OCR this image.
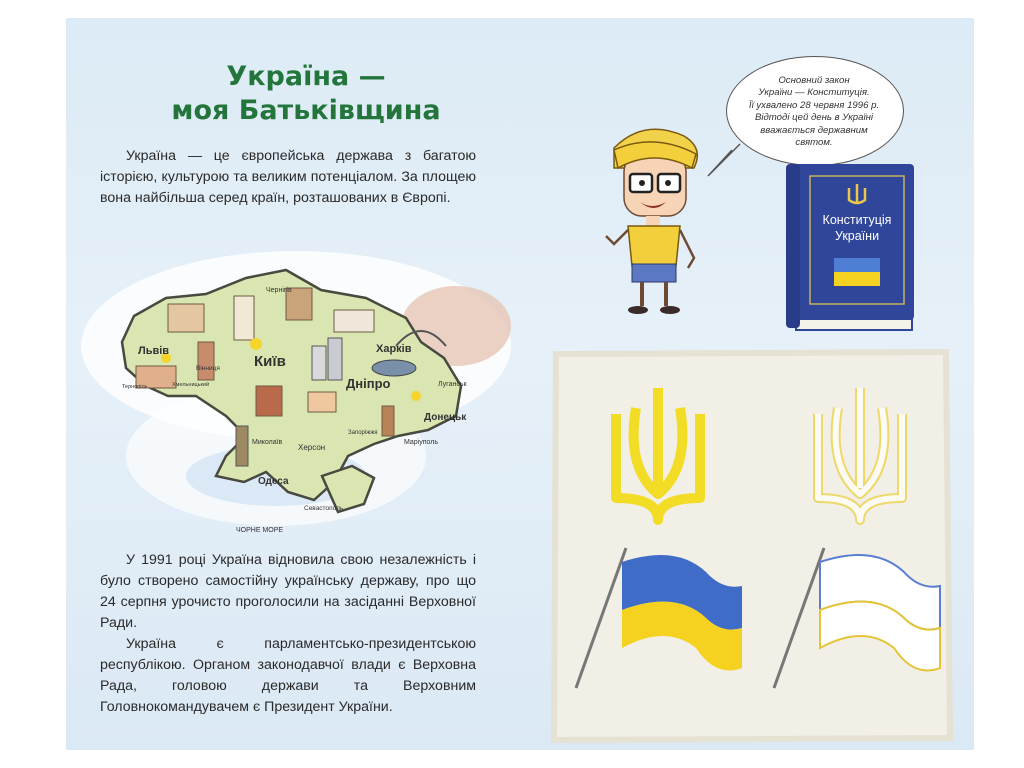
Україна —
моя Батьківщина

Україна — це європейська держава з багатою історією, культурою та великим потенціалом. За площею вона найбільша серед країн, розташованих в Європі.

Чернігів
Львів
Вінниця Київ
Харків
Дніпро	Луганськ
Донецьк
Запоріжжя
Маріуполь
Миколаїв
Херсон
Одеса
Севастополь
Тернопіль	Хмельницький
ЧОРНЕ МОРЕ

У 1991 році Україна відновила свою незалежність і було створено самостійну українську державу, про що 24 серпня урочисто проголосили на засіданні Верховної Ради.

Україна є парламентсько-президентською республікою. Органом законодавчої влади є Верховна Рада, головою держави та Верховним Головнокомандувачем є Президент України.

Основний закон
України — Конституція.
Її ухвалено 28 червня 1996 р.
Відтоді цей день в Україні
вважається державним
святом.
Конституція
України
